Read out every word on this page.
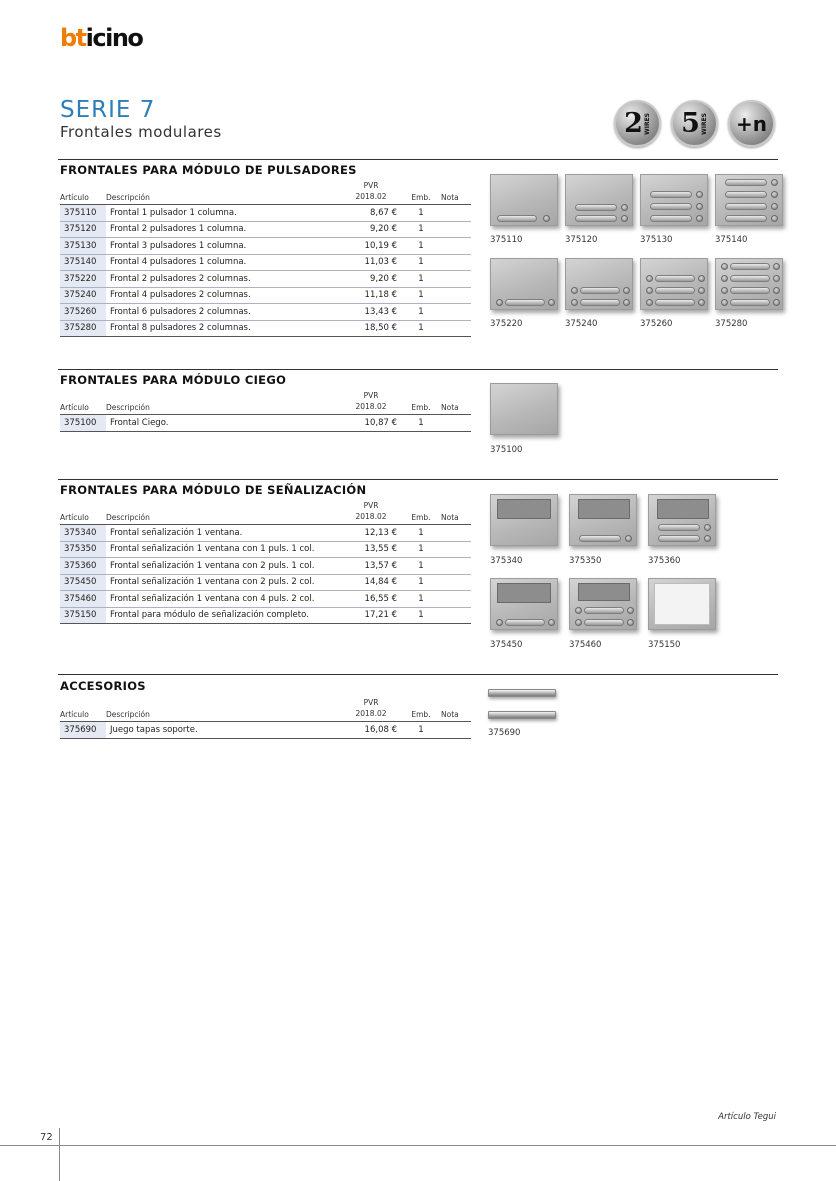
bticino
SERIE 7
Frontales modulares	2 WIRES 5 WIRES +n
FRONTALES PARA MÓDULO DE PULSADORES
Artículo	Descripción	PVR
2018.02	Emb.	Nota
375110	Frontal 1 pulsador 1 columna.	8,67 €	1	
375120	Frontal 2 pulsadores 1 columna.	9,20 €	1	
375130	Frontal 3 pulsadores 1 columna.	10,19 €	1	
375140	Frontal 4 pulsadores 1 columna.	11,03 €	1	
375220	Frontal 2 pulsadores 2 columnas.	9,20 €	1	
375240	Frontal 4 pulsadores 2 columnas.	11,18 €	1	
375260	Frontal 6 pulsadores 2 columnas.	13,43 €	1	
375280	Frontal 8 pulsadores 2 columnas.	18,50 €	1	
375110	375120	375130	375140
375220	375240	375260	375280
FRONTALES PARA MÓDULO CIEGO
Artículo	Descripción	PVR
2018.02	Emb.	Nota
375100	Frontal Ciego.	10,87 €	1	
375100
FRONTALES PARA MÓDULO DE SEÑALIZACIÓN
Artículo	Descripción	PVR
2018.02	Emb.	Nota
375340	Frontal señalización 1 ventana.	12,13 €	1	
375350	Frontal señalización 1 ventana con 1 puls. 1 col.	13,55 €	1	
375360	Frontal señalización 1 ventana con 2 puls. 1 col.	13,57 €	1	
375450	Frontal señalización 1 ventana con 2 puls. 2 col.	14,84 €	1	
375460	Frontal señalización 1 ventana con 4 puls. 2 col.	16,55 €	1	
375150	Frontal para módulo de señalización completo.	17,21 €	1	
375340	375350	375360
375450	375460	375150
ACCESORIOS
Artículo	Descripción	PVR
2018.02	Emb.	Nota
375690	Juego tapas soporte.	16,08 €	1		375690
Artículo Tegui
72
